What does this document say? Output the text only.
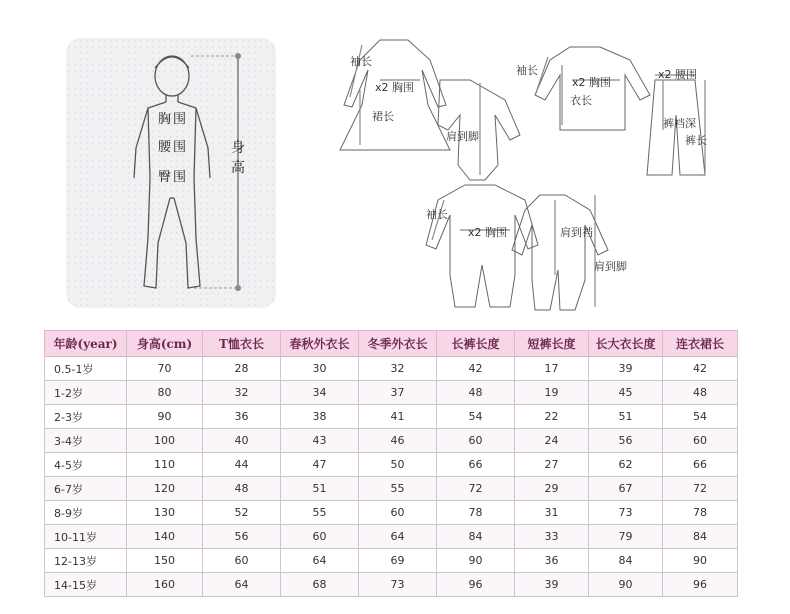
胸围
腰围
臀围
身高
袖长
x2 胸围
裙长
肩到脚
袖长
x2 胸围
衣长
x2 腰围
裤裆深
裤长
袖长
x2 胸围	肩到裆
肩到脚
年龄(year)	身高(cm)	T恤衣长	春秋外衣长	冬季外衣长	长裤长度	短裤长度	长大衣长度	连衣裙长
0.5-1岁	70	28	30	32	42	17	39	42
1-2岁	80	32	34	37	48	19	45	48
2-3岁	90	36	38	41	54	22	51	54
3-4岁	100	40	43	46	60	24	56	60
4-5岁	110	44	47	50	66	27	62	66
6-7岁	120	48	51	55	72	29	67	72
8-9岁	130	52	55	60	78	31	73	78
10-11岁	140	56	60	64	84	33	79	84
12-13岁	150	60	64	69	90	36	84	90
14-15岁	160	64	68	73	96	39	90	96
